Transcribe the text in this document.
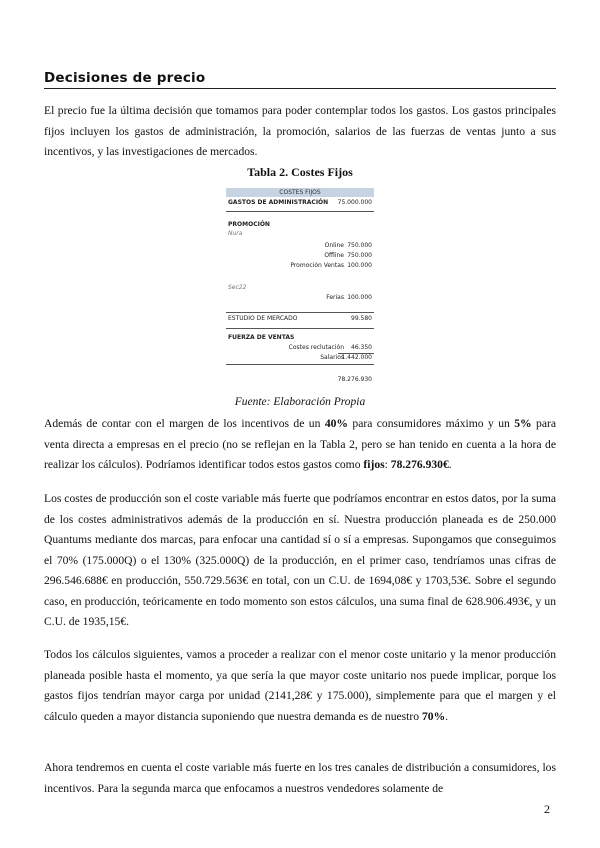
Decisiones de precio

El precio fue la última decisión que tomamos para poder contemplar todos los gastos. Los gastos principales fijos incluyen los gastos de administración, la promoción, salarios de las fuerzas de ventas junto a sus incentivos, y las investigaciones de mercados.

Tabla 2. Costes Fijos
COSTES FIJOS
GASTOS DE ADMINISTRACIÓN 75.000.000
PROMOCIÓN
Nura
Online 750.000
Offline 750.000
Promoción Ventas 100.000
Sec22
Ferias 100.000
ESTUDIO DE MERCADO	99.580
FUERZA DE VENTAS
Costes reclutación 46.350
Salarios
1.442.000
78.276.930
Fuente: Elaboración Propia

Además de contar con el margen de los incentivos de un 40% para consumidores máximo y un 5% para venta directa a empresas en el precio (no se reflejan en la Tabla 2, pero se han tenido en cuenta a la hora de realizar los cálculos). Podríamos identificar todos estos gastos como fijos: 78.276.930€.

Los costes de producción son el coste variable más fuerte que podríamos encontrar en estos datos, por la suma de los costes administrativos además de la producción en sí. Nuestra producción planeada es de 250.000 Quantums mediante dos marcas, para enfocar una cantidad sí o sí a empresas. Supongamos que conseguimos el 70% (175.000Q) o el 130% (325.000Q) de la producción, en el primer caso, tendríamos unas cifras de 296.546.688€ en producción, 550.729.563€ en total, con un C.U. de 1694,08€ y 1703,53€. Sobre el segundo caso, en producción, teóricamente en todo momento son estos cálculos, una suma final de 628.906.493€, y un C.U. de 1935,15€.

Todos los cálculos siguientes, vamos a proceder a realizar con el menor coste unitario y la menor producción planeada posible hasta el momento, ya que sería la que mayor coste unitario nos puede implicar, porque los gastos fijos tendrían mayor carga por unidad (2141,28€ y 175.000), simplemente para que el margen y el cálculo queden a mayor distancia suponiendo que nuestra demanda es de nuestro 70%.

Ahora tendremos en cuenta el coste variable más fuerte en los tres canales de distribución a consumidores, los incentivos. Para la segunda marca que enfocamos a nuestros vendedores solamente de

2
